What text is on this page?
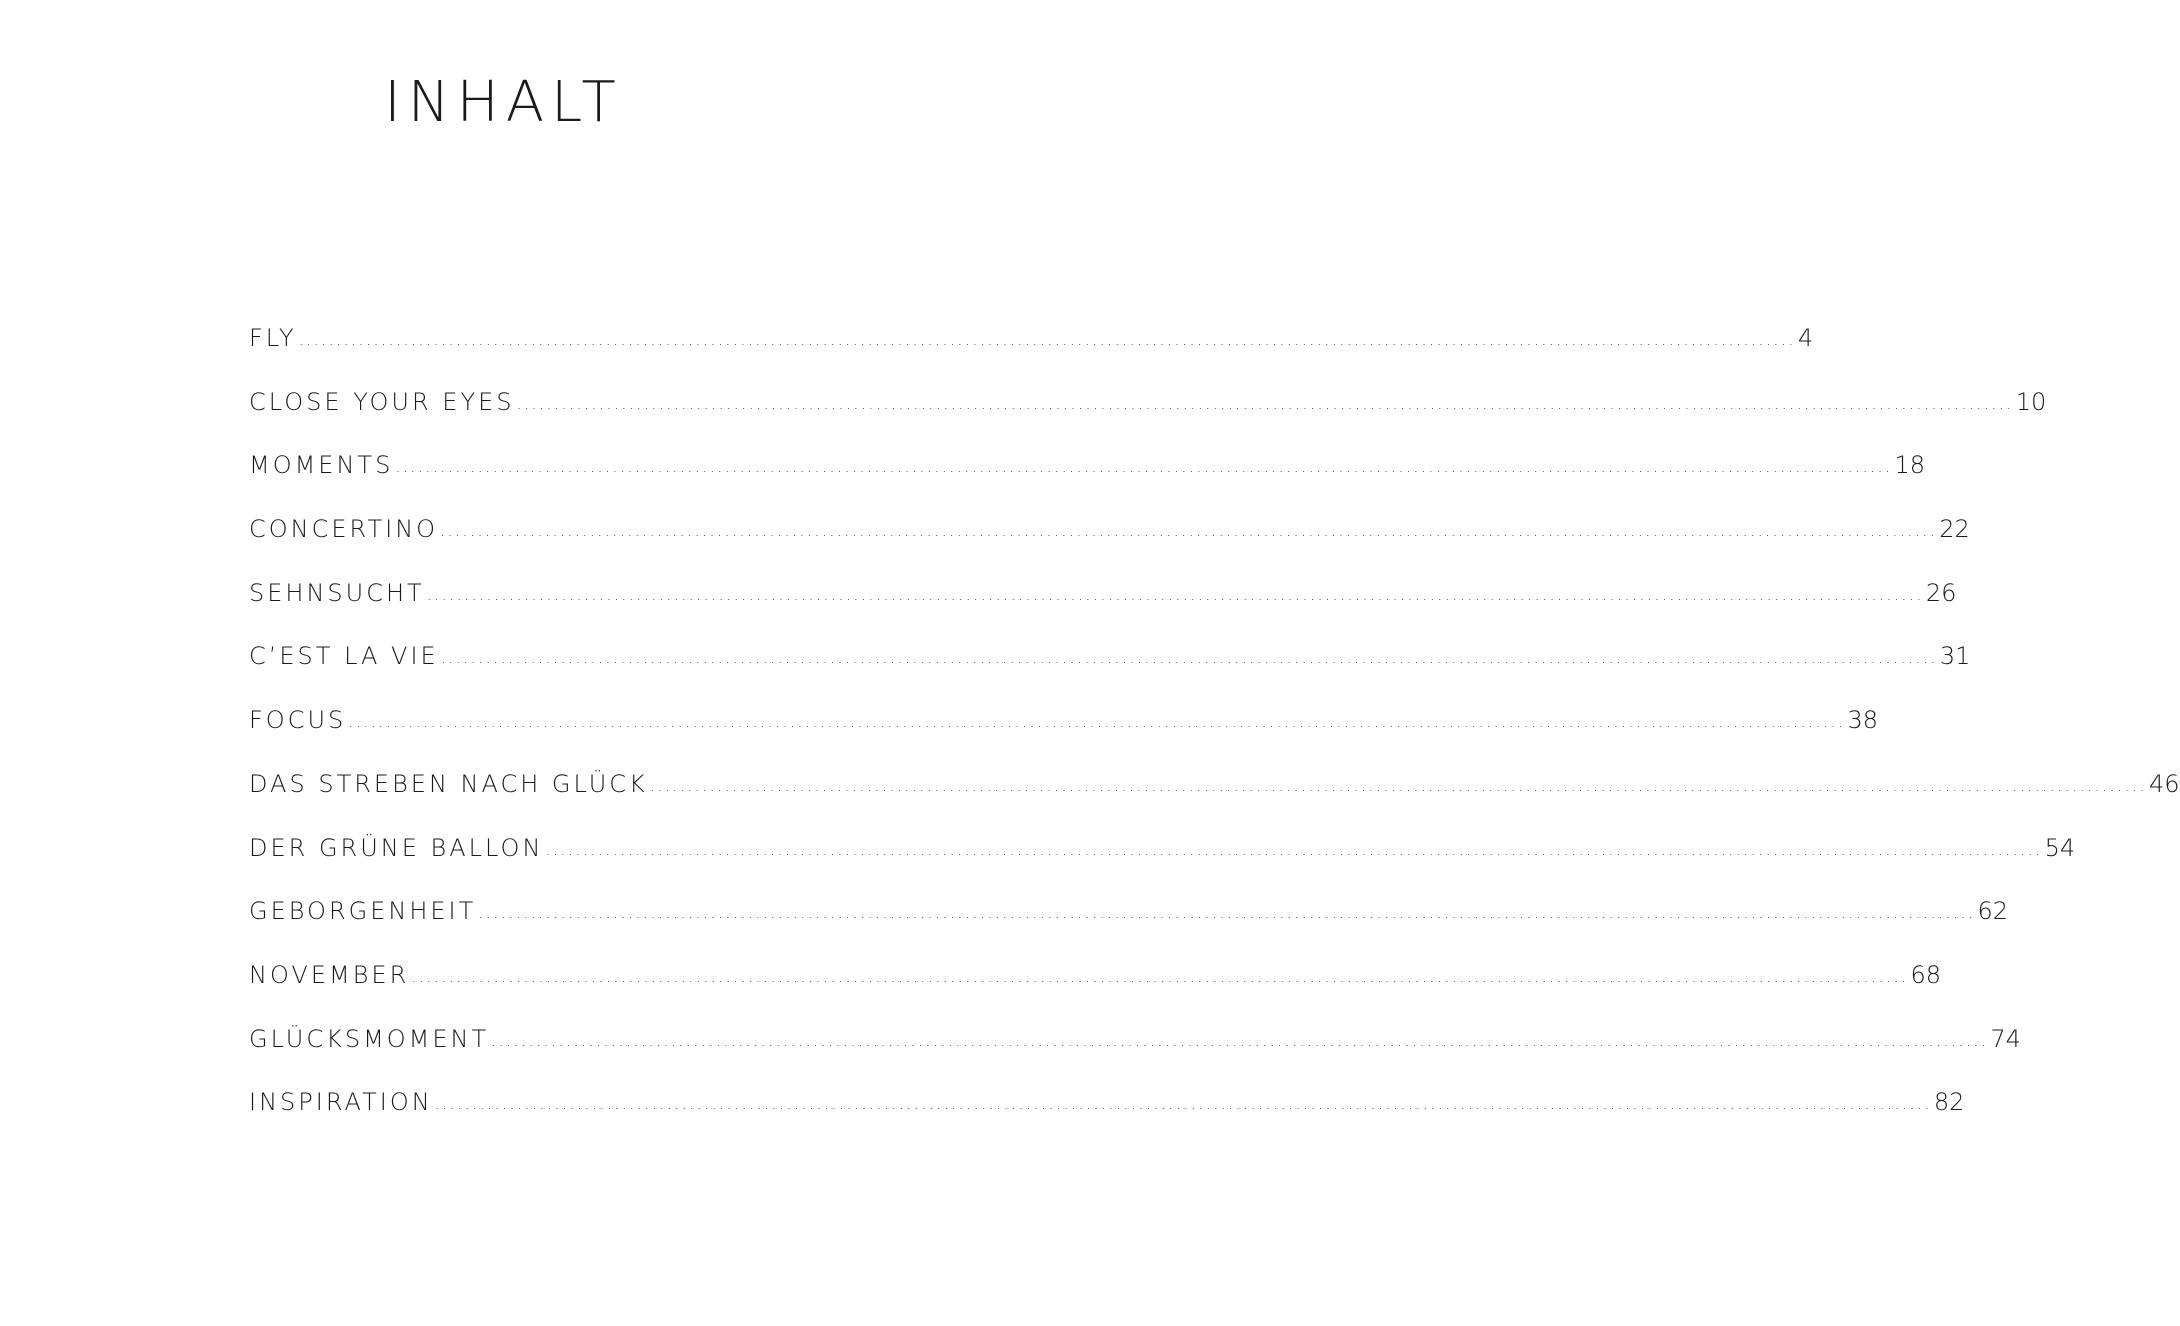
INHALT
FLY ........................................................................................................................................................................................................ 4
CLOSE YOUR EYES ........................................................................................................................................................................................................ 10
MOMENTS ........................................................................................................................................................................................................ 18
CONCERTINO ........................................................................................................................................................................................................ 22
SEHNSUCHT ........................................................................................................................................................................................................ 26
C’EST LA VIE ........................................................................................................................................................................................................ 31
FOCUS ........................................................................................................................................................................................................ 38
DAS STREBEN NACH GLÜCK ........................................................................................................................................................................................................ 46
DER GRÜNE BALLON ........................................................................................................................................................................................................ 54
GEBORGENHEIT ........................................................................................................................................................................................................ 62
NOVEMBER ........................................................................................................................................................................................................ 68
GLÜCKSMOMENT ........................................................................................................................................................................................................ 74
INSPIRATION ........................................................................................................................................................................................................ 82
